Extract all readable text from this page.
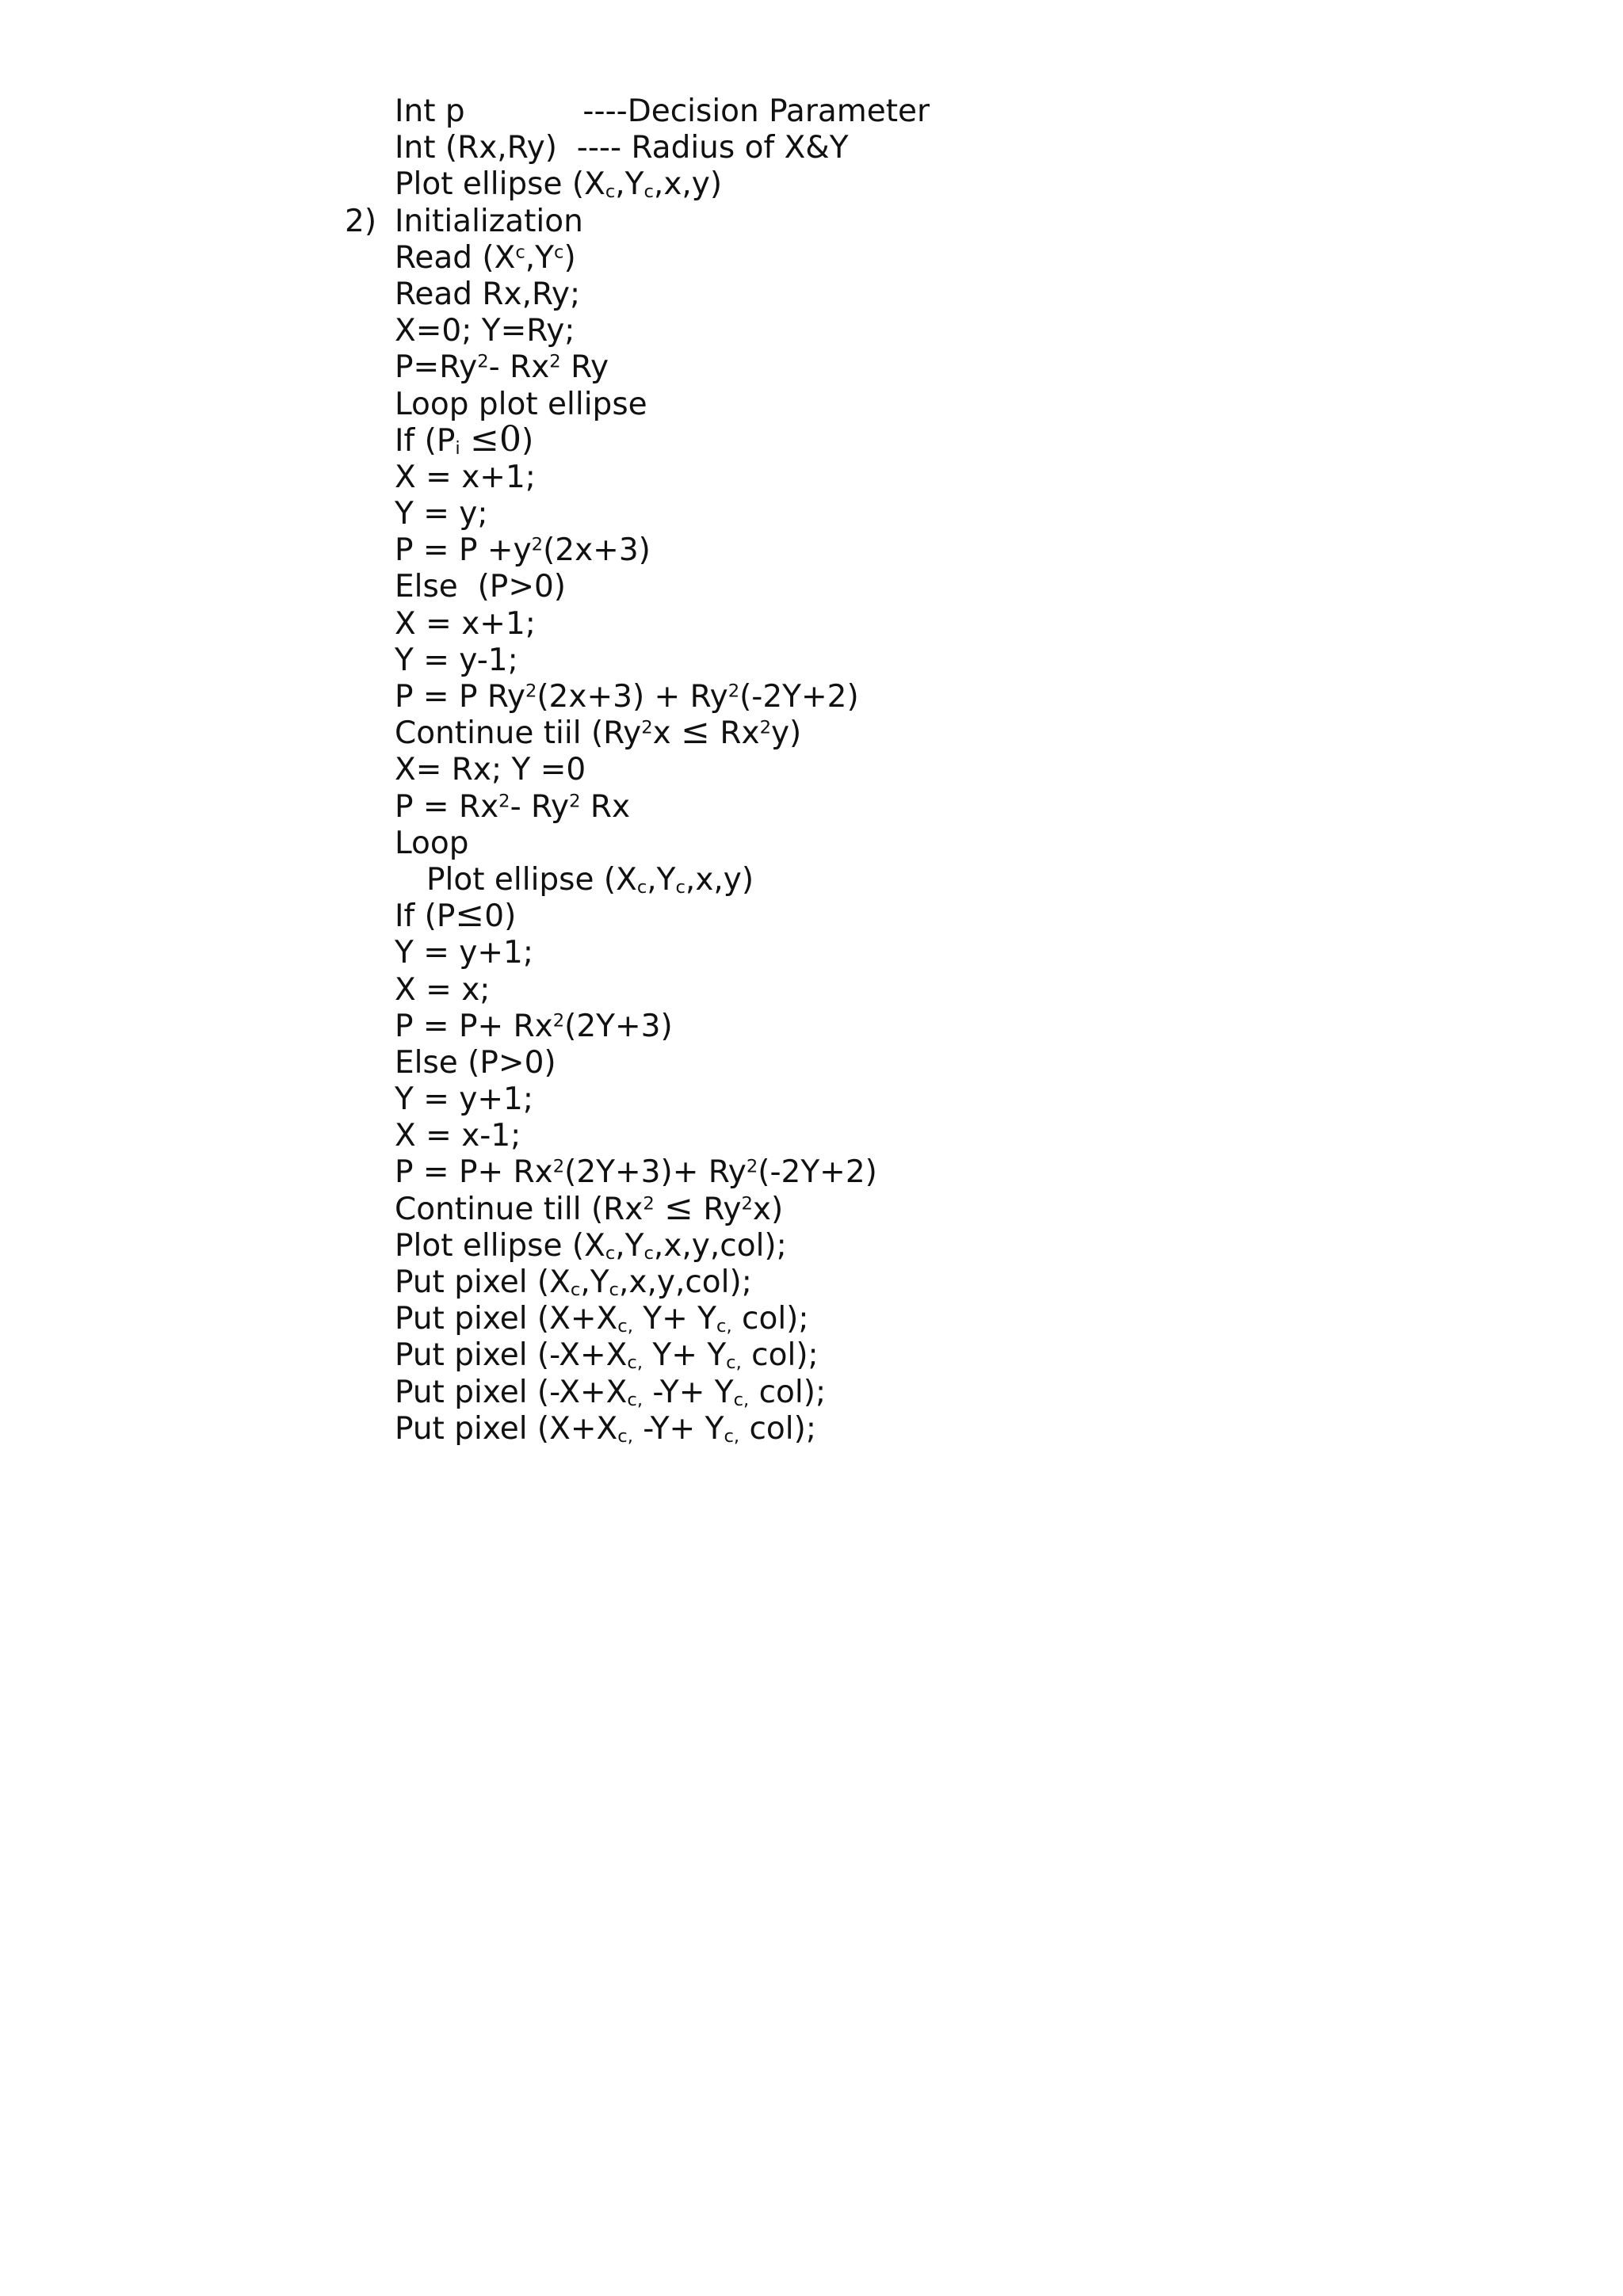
Int p            ----Decision Parameter
Int (Rx,Ry)  ---- Radius of X&Y
Plot ellipse $(X_c,Y_c,x,y)$
2) Initialization
Read $(X^c,Y^c)$
Read Rx,Ry;
X=0; Y=Ry;
$P=Ry^2-$ Rx$^2$ Ry
Loop plot ellipse
If $(P_i \le 0)$
X = x+1;
Y = y;
$P = P +y^2(2x+3)$
Else  (P>0)
X = x+1;
Y = y-1;
P = P $Ry^2(2x+3) + Ry^2(-2Y+2)$
Continue tiil $(Ry^2x \le Rx^2y)$
X= Rx; Y =0
$P = Rx^2-$ Ry$^2$ Rx
Loop
Plot ellipse $(X_c,Y_c,x,y)$
If (P≤0)
Y = y+1;
X = x;
$P = P+ Rx^2(2Y+3)$
Else (P>0)
Y = y+1;
X = x-1;
$P = P+ Rx^2(2Y+3)+ Ry^2(-2Y+2)$
Continue till $(Rx^2 \le Ry^2x)$
Plot ellipse $(X_c,Y_c,x,y,col)$;
Put pixel $(X_c,Y_c,x,y,col)$;
Put pixel ($X+X_{c,}$ $Y+ Y_{c,}$ col);
Put pixel ($-X+X_{c,}$ $Y+ Y_{c,}$ col);
Put pixel ($-X+X_{c,}$ $-Y+ Y_{c,}$ col);
Put pixel ($X+X_{c,}$ $-Y+ Y_{c,}$ col);
